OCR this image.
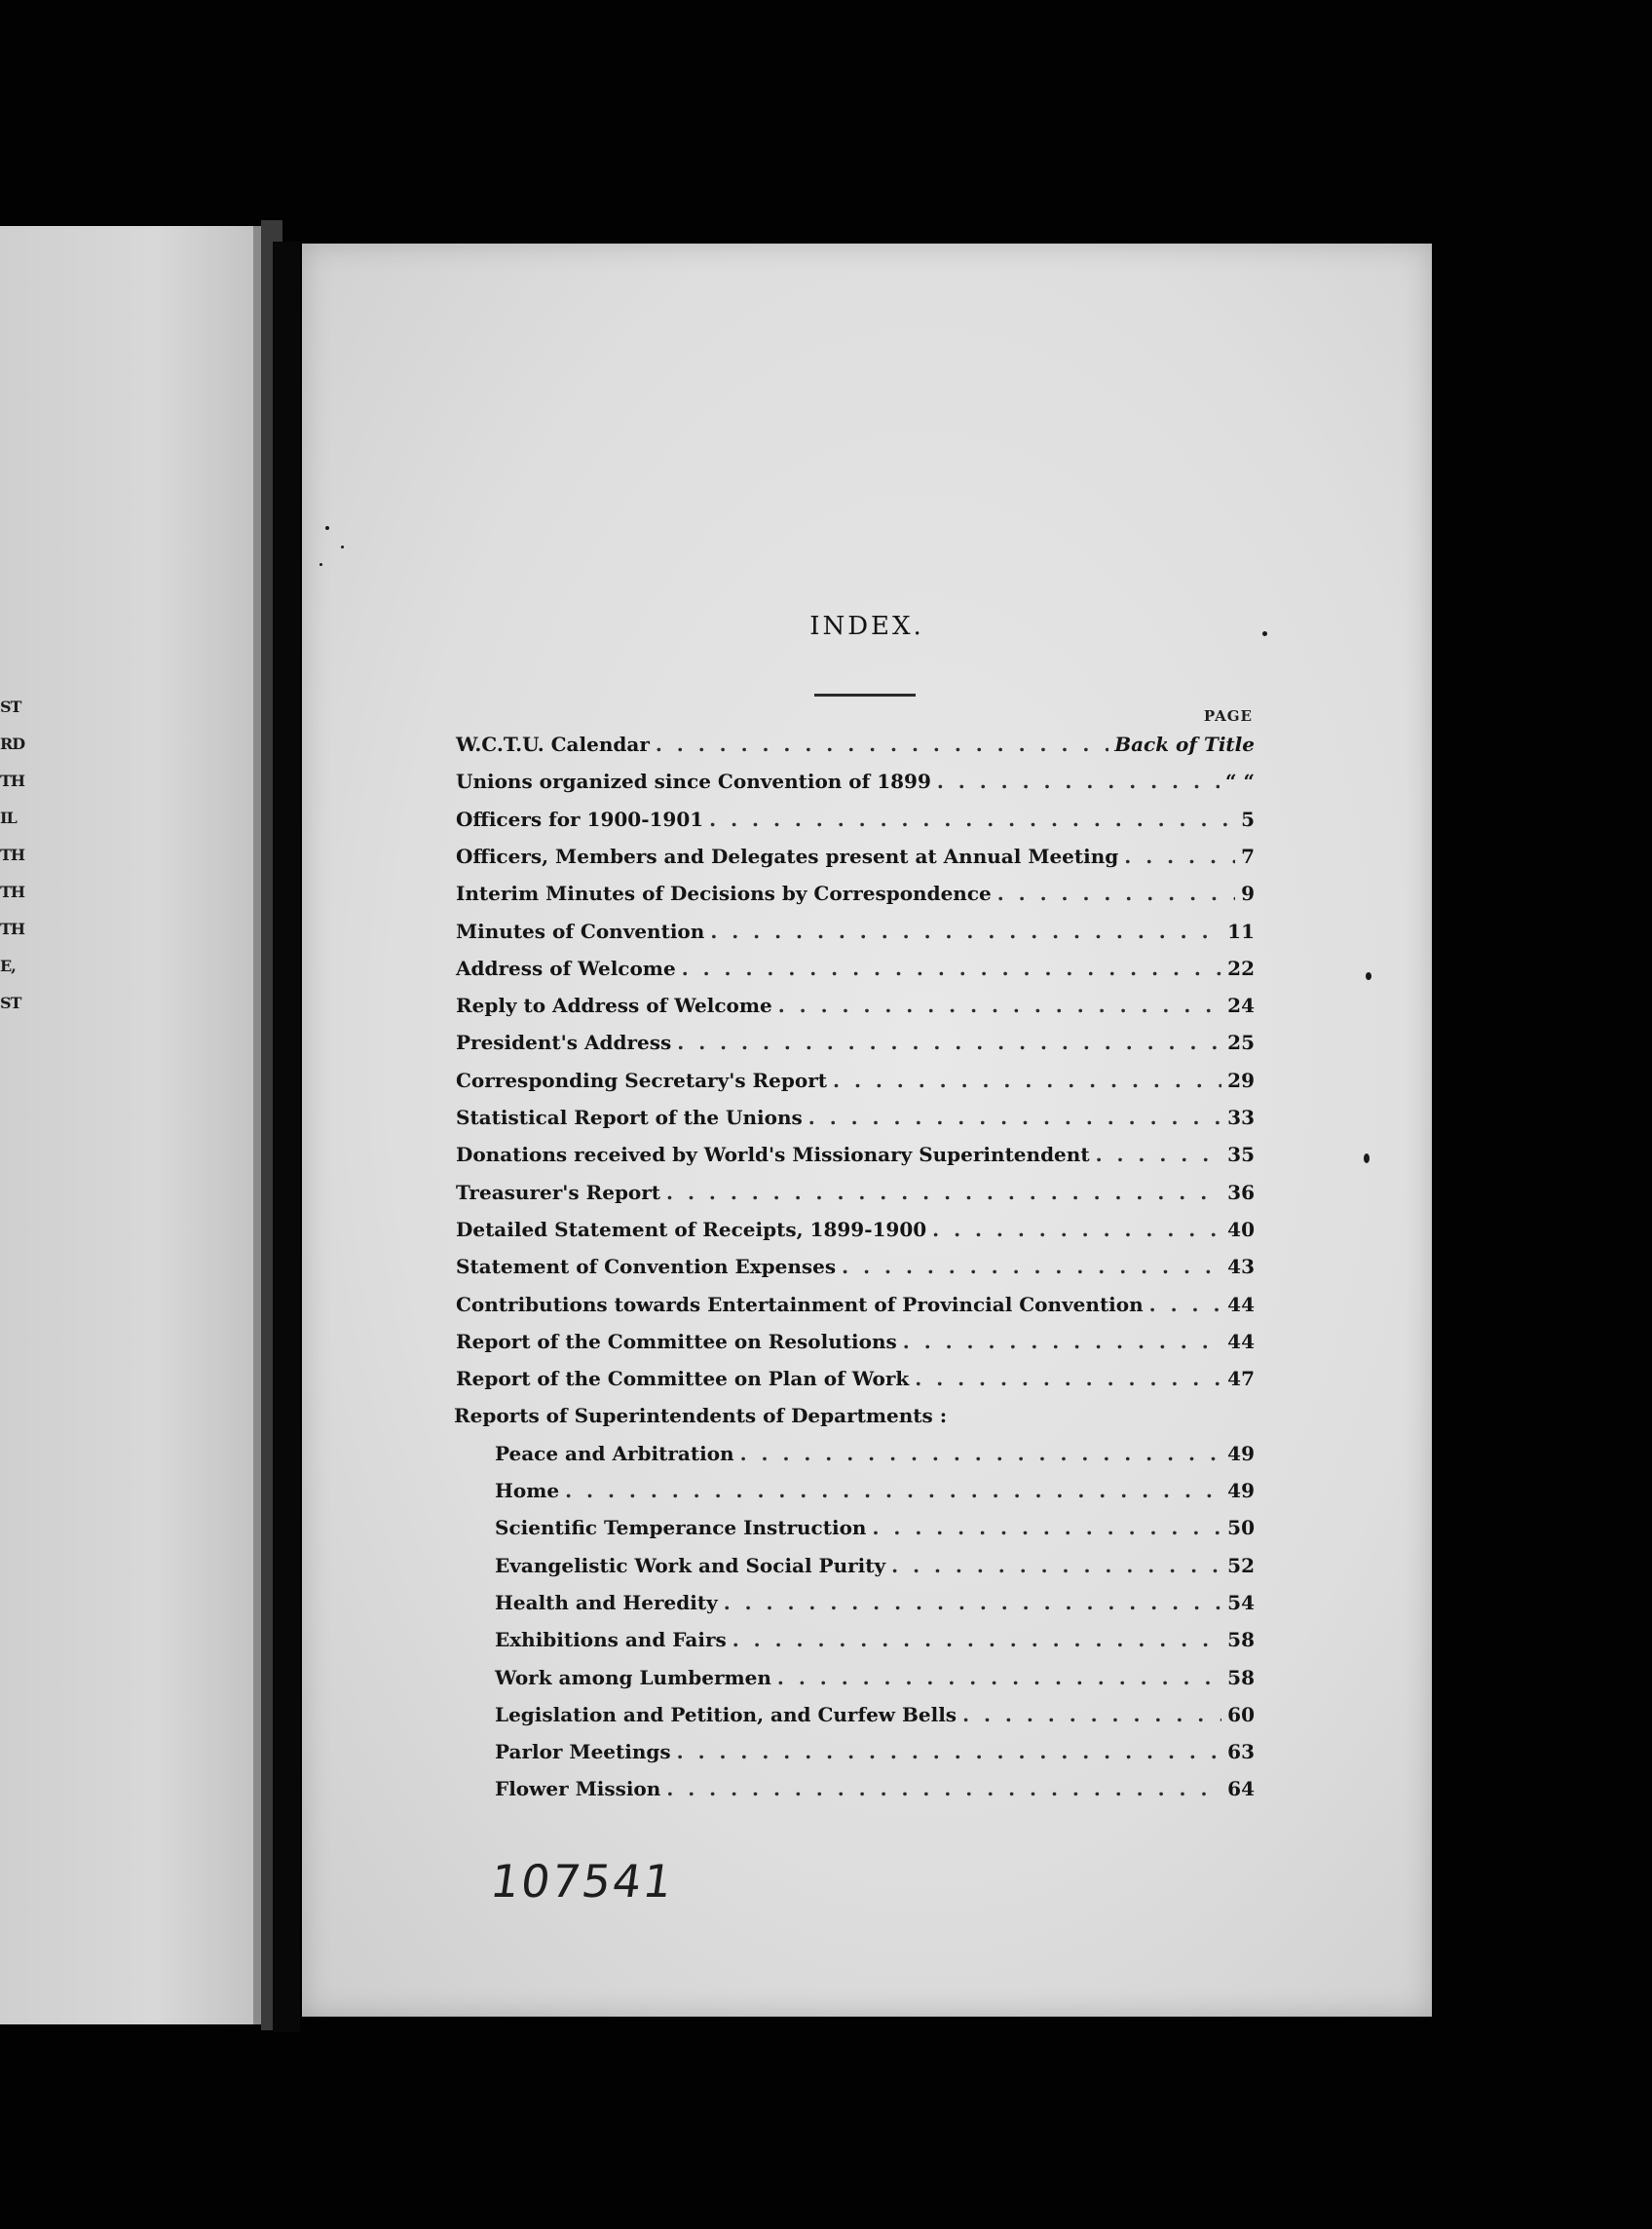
ST
RD
TH
IL
TH
TH
TH
E,
ST
INDEX.
PAGE
W.C.T.U. Calendar . . .	Back of Title
Unions organized since Convention of 1899 . . .	“ “
Officers for 1900-1901 . . .	5
Officers, Members and Delegates present at Annual Meeting . . .	7
Interim Minutes of Decisions by Correspondence . . .	9
Minutes of Convention . . .	11
Address of Welcome . . .	22
Reply to Address of Welcome . . .	24
President's Address . . .	25
Corresponding Secretary's Report . . .	29
Statistical Report of the Unions . . .	33
Donations received by World's Missionary Superintendent . . .	35
Treasurer's Report . . .	36
Detailed Statement of Receipts, 1899-1900 . . .	40
Statement of Convention Expenses . . .	43
Contributions towards Entertainment of Provincial Convention . . .	44
Report of the Committee on Resolutions . . .	44
Report of the Committee on Plan of Work . . .	47
Reports of Superintendents of Departments :
Peace and Arbitration . . .	49
Home . . .	49
Scientific Temperance Instruction . . .	50
Evangelistic Work and Social Purity . . .	52
Health and Heredity . . .	54
Exhibitions and Fairs . . .	58
Work among Lumbermen . . .	58
Legislation and Petition, and Curfew Bells . . .	60
Parlor Meetings . . .	63
Flower Mission . . .	64
107541
